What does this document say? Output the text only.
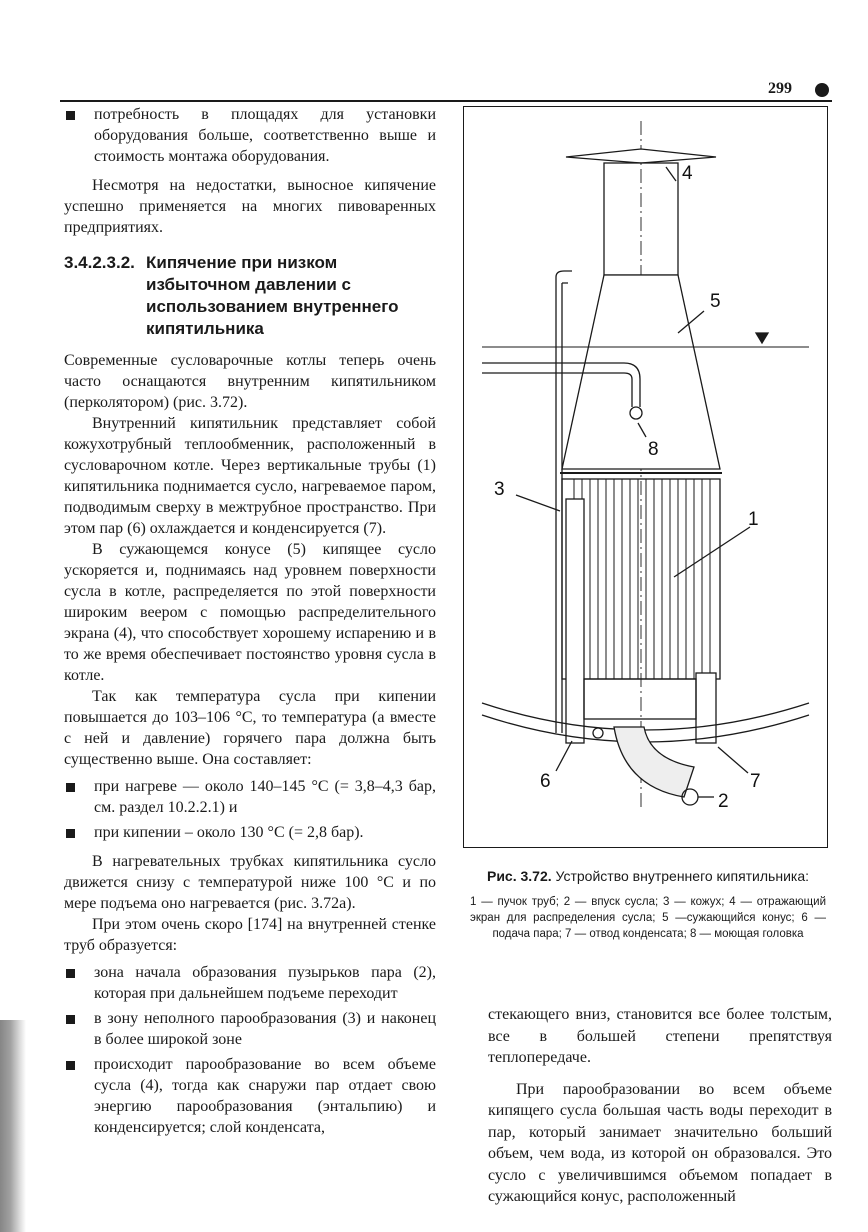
299
потребность в площадях для установки оборудования больше, соответственно выше и стоимость монтажа оборудования.

Несмотря на недостатки, выносное кипячение успешно применяется на многих пивоваренных предприятиях.

3.4.2.3.2. Кипячение при низком избыточном давлении с использованием внутреннего кипятильника

Современные сусловарочные котлы теперь очень часто оснащаются внутренним кипятильником (перколятором) (рис. 3.72).

Внутренний кипятильник представляет собой кожухотрубный теплообменник, расположенный в сусловарочном котле. Через вертикальные трубы (1) кипятильника поднимается сусло, нагреваемое паром, подводимым сверху в межтрубное пространство. При этом пар (6) охлаждается и конденсируется (7).

В сужающемся конусе (5) кипящее сусло ускоряется и, поднимаясь над уровнем поверхности сусла в котле, распределяется по этой поверхности широким веером с помощью распределительного экрана (4), что способствует хорошему испарению и в то же время обеспечивает постоянство уровня сусла в котле.

Так как температура сусла при кипении повышается до 103–106 °С, то температура (а вместе с ней и давление) горячего пара должна быть существенно выше. Она составляет:

при нагреве — около 140–145 °С (= 3,8–4,3 бар, см. раздел 10.2.2.1) и
при кипении – около 130 °С (= 2,8 бар).

В нагревательных трубках кипятильника сусло движется снизу с температурой ниже 100 °С и по мере подъема оно нагревается (рис. 3.72а).

При этом очень скоро [174] на внутренней стенке труб образуется:

зона начала образования пузырьков пара (2), которая при дальнейшем подъеме переходит
в зону неполного парообразования (3) и наконец в более широкой зоне
происходит парообразование во всем объеме сусла (4), тогда как снаружи пар отдает свою энергию парообразования (энтальпию) и конденсируется; слой конденсата,
4
5
8
3
1
6	7
2
Рис. 3.72. Устройство внутреннего кипятильника:
1 — пучок труб; 2 — впуск сусла; 3 — кожух; 4 — отражающий экран для распределения сусла; 5 —сужающийся конус; 6 — подача пара; 7 — отвод конденсата; 8 — моющая головка

стекающего вниз, становится все более толстым, все в большей степени препятствуя теплопередаче.

При парообразовании во всем объеме кипящего сусла большая часть воды переходит в пар, который занимает значительно больший объем, чем вода, из которой он образовался. Это сусло с увеличившимся объемом попадает в сужающийся конус, расположенный
